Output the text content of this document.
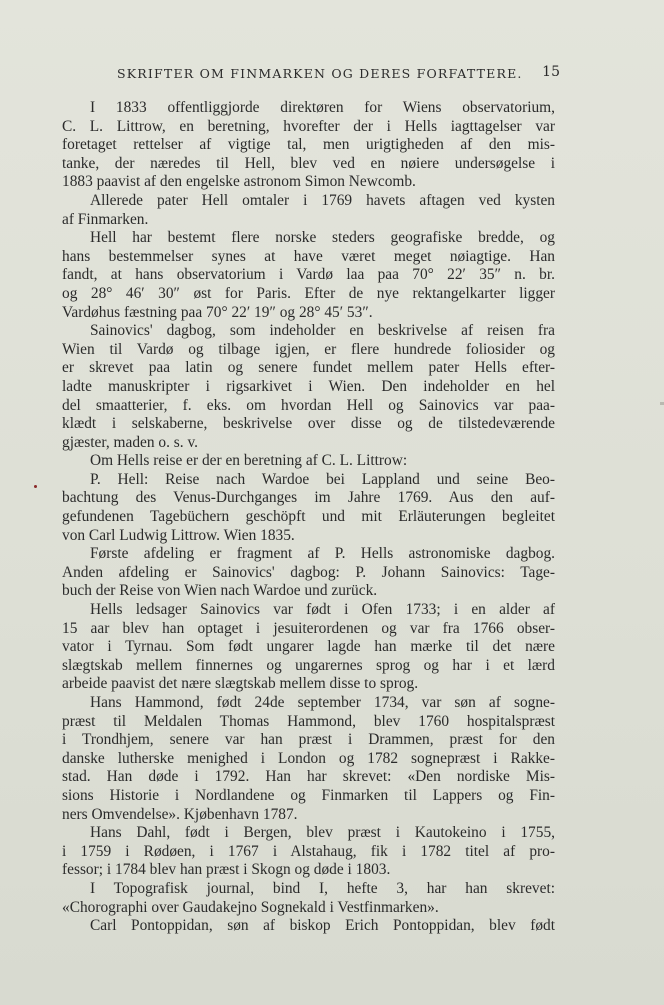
SKRIFTER OM FINMARKEN OG DERES FORFATTERE. 15
I 1833 offentliggjorde direktøren for Wiens observatorium,
C. L. Littrow, en beretning, hvorefter der i Hells iagttagelser var
foretaget rettelser af vigtige tal, men urigtigheden af den mis-
tanke, der næredes til Hell, blev ved en nøiere undersøgelse i
1883 paavist af den engelske astronom Simon Newcomb.
Allerede pater Hell omtaler i 1769 havets aftagen ved kysten
af Finmarken.
Hell har bestemt flere norske steders geografiske bredde, og
hans bestemmelser synes at have været meget nøiagtige. Han
fandt, at hans observatorium i Vardø laa paa 70° 22′ 35″ n. br.
og 28° 46′ 30″ øst for Paris. Efter de nye rektangelkarter ligger
Vardøhus fæstning paa 70° 22′ 19″ og 28° 45′ 53″.
Sainovics' dagbog, som indeholder en beskrivelse af reisen fra
Wien til Vardø og tilbage igjen, er flere hundrede foliosider og
er skrevet paa latin og senere fundet mellem pater Hells efter-
ladte manuskripter i rigsarkivet i Wien. Den indeholder en hel
del smaatterier, f. eks. om hvordan Hell og Sainovics var paa-
klædt i selskaberne, beskrivelse over disse og de tilstedeværende
gjæster, maden o. s. v.
Om Hells reise er der en beretning af C. L. Littrow:
P. Hell: Reise nach Wardoe bei Lappland und seine Beo-
bachtung des Venus-Durchganges im Jahre 1769. Aus den auf-
gefundenen Tagebüchern geschöpft und mit Erläuterungen begleitet
von Carl Ludwig Littrow. Wien 1835.
Første afdeling er fragment af P. Hells astronomiske dagbog.
Anden afdeling er Sainovics' dagbog: P. Johann Sainovics: Tage-
buch der Reise von Wien nach Wardoe und zurück.
Hells ledsager Sainovics var født i Ofen 1733; i en alder af
15 aar blev han optaget i jesuiterordenen og var fra 1766 obser-
vator i Tyrnau. Som født ungarer lagde han mærke til det nære
slægtskab mellem finnernes og ungarernes sprog og har i et lærd
arbeide paavist det nære slægtskab mellem disse to sprog.
Hans Hammond, født 24de september 1734, var søn af sogne-
præst til Meldalen Thomas Hammond, blev 1760 hospitalspræst
i Trondhjem, senere var han præst i Drammen, præst for den
danske lutherske menighed i London og 1782 sognepræst i Rakke-
stad. Han døde i 1792. Han har skrevet: «Den nordiske Mis-
sions Historie i Nordlandene og Finmarken til Lappers og Fin-
ners Omvendelse». Kjøbenhavn 1787.
Hans Dahl, født i Bergen, blev præst i Kautokeino i 1755,
i 1759 i Rødøen, i 1767 i Alstahaug, fik i 1782 titel af pro-
fessor; i 1784 blev han præst i Skogn og døde i 1803.
I Topografisk journal, bind I, hefte 3, har han skrevet:
«Chorographi over Gaudakejno Sognekald i Vestfinmarken».
Carl Pontoppidan, søn af biskop Erich Pontoppidan, blev født
